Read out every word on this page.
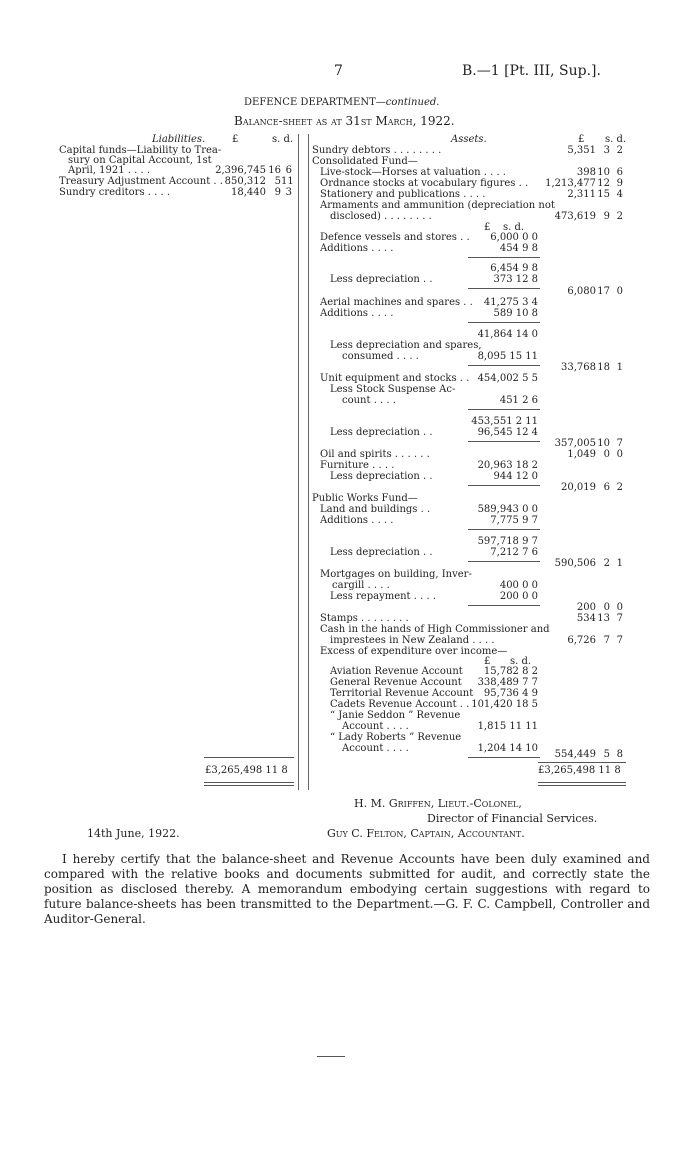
7	B.—1 [Pt. III, Sup.].
DEFENCE DEPARTMENT—continued.
Balance-sheet as at 31st March, 1922.
Liabilities.	£	s. d.
Capital funds—Liability to Trea-
sury on Capital Account, 1st
April, 1921 . . . .	2,396,745 16 6
Treasury Adjustment Account . . 850,312 5 11
Sundry creditors . . . .	18,440 9 3
£3,265,498 11 8
Assets.	£ s. d.
Sundry debtors . . . . . . . .	5,351 3 2
Consolidated Fund—
Live-stock—Horses at valuation . . . .	398 10 6
Ordnance stocks at vocabulary figures . .	1,213,477 12 9
Stationery and publications . . . .	2,311 15 4
Armaments and ammunition (depreciation not
disclosed) . . . . . . . .	473,619 9 2
£ s. d.
Defence vessels and stores . .	6,000 0 0
Additions . . . .	454 9 8
6,454 9 8
Less depreciation . .	373 12 8
6,080 17 0
Aerial machines and spares . .	41,275 3 4
Additions . . . .	589 10 8
41,864 14 0
Less depreciation and spares,
consumed . . . .	8,095 15 11
33,768 18 1
Unit equipment and stocks . . 454,002 5 5
Less Stock Suspense Ac-
count . . . .	451 2 6
453,551 2 11
Less depreciation . .	96,545 12 4
357,005 10 7
Oil and spirits . . . . . .	1,049 0 0
Furniture . . . .	20,963 18 2
Less depreciation . .	944 12 0
20,019 6 2
Public Works Fund—
Land and buildings . .	589,943 0 0
Additions . . . .	7,775 9 7
597,718 9 7
Less depreciation . .	7,212 7 6
590,506 2 1
Mortgages on building, Inver-
cargill . . . .	400 0 0
Less repayment . . . .	200 0 0
200 0 0
Stamps . . . . . . . .	534 13 7
Cash in the hands of High Commissioner and
imprestees in New Zealand . . . .	6,726 7 7
Excess of expenditure over income—
£ s. d.
Aviation Revenue Account	15,782 8 2
General Revenue Account	338,489 7 7
Territorial Revenue Account	95,736 4 9
Cadets Revenue Account . . 101,420 18 5
“ Janie Seddon ” Revenue
Account . . . .	1,815 11 11
“ Lady Roberts ” Revenue
Account . . . .	1,204 14 10
554,449 5 8
£3,265,498 11 8
H. M. Griffen, Lieut.-Colonel,
Director of Financial Services.
14th June, 1922.	Guy C. Felton, Captain, Accountant.
I hereby certify that the balance-sheet and Revenue Accounts have been duly examined and compared with the relative books and documents submitted for audit, and correctly state the position as disclosed thereby. A memorandum embodying certain suggestions with regard to future balance-sheets has been transmitted to the Department.—G. F. C. Campbell, Controller and Auditor-General.
